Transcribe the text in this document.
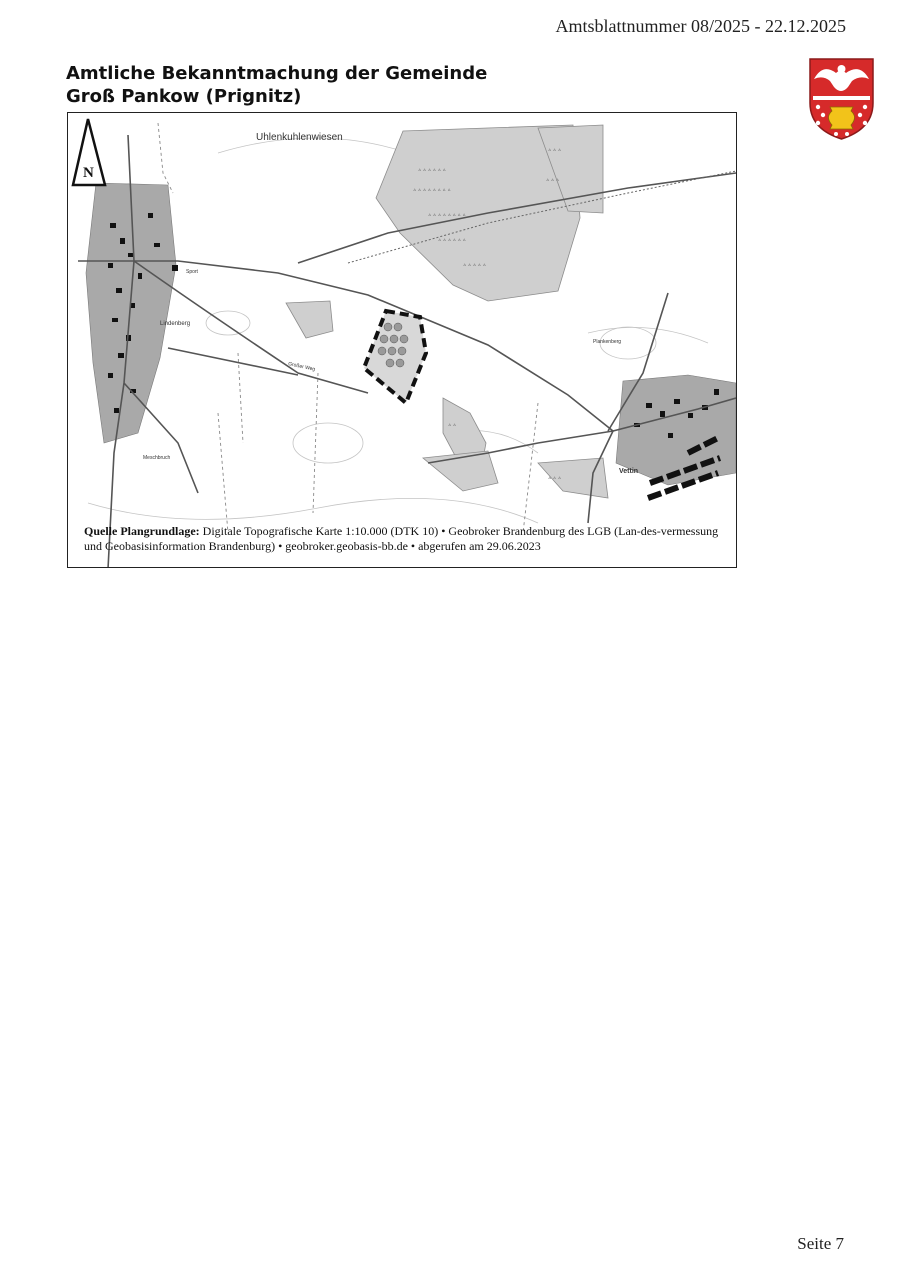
Amtsblattnummer 08/2025 - 22.12.2025
Amtliche Bekanntmachung der Gemeinde
Groß Pankow (Prignitz)
ᐞ ᐞ ᐞ ᐞ ᐞ ᐞ
ᐞ ᐞ ᐞ ᐞ ᐞ ᐞ ᐞ ᐞ
ᐞ ᐞ ᐞ ᐞ ᐞ ᐞ ᐞ ᐞ
ᐞ ᐞ ᐞ ᐞ ᐞ ᐞ
ᐞ ᐞ ᐞ ᐞ ᐞ
ᐞ ᐞ ᐞ
ᐞ ᐞ ᐞ
ᐞ ᐞ
ᐞ ᐞ ᐞ
Uhlenkuhlenwiesen
Lindenberg
Vettin
Sport
Großer Weg
Plankenberg
Meschbruch
N

Quelle Plangrundlage: Digitale Topografische Karte 1:10.000 (DTK 10) • Geobroker Brandenburg des LGB (Lan-des-vermessung und Geobasisinformation Brandenburg) • geobroker.geobasis-bb.de • abgerufen am 29.06.2023

Seite 7
